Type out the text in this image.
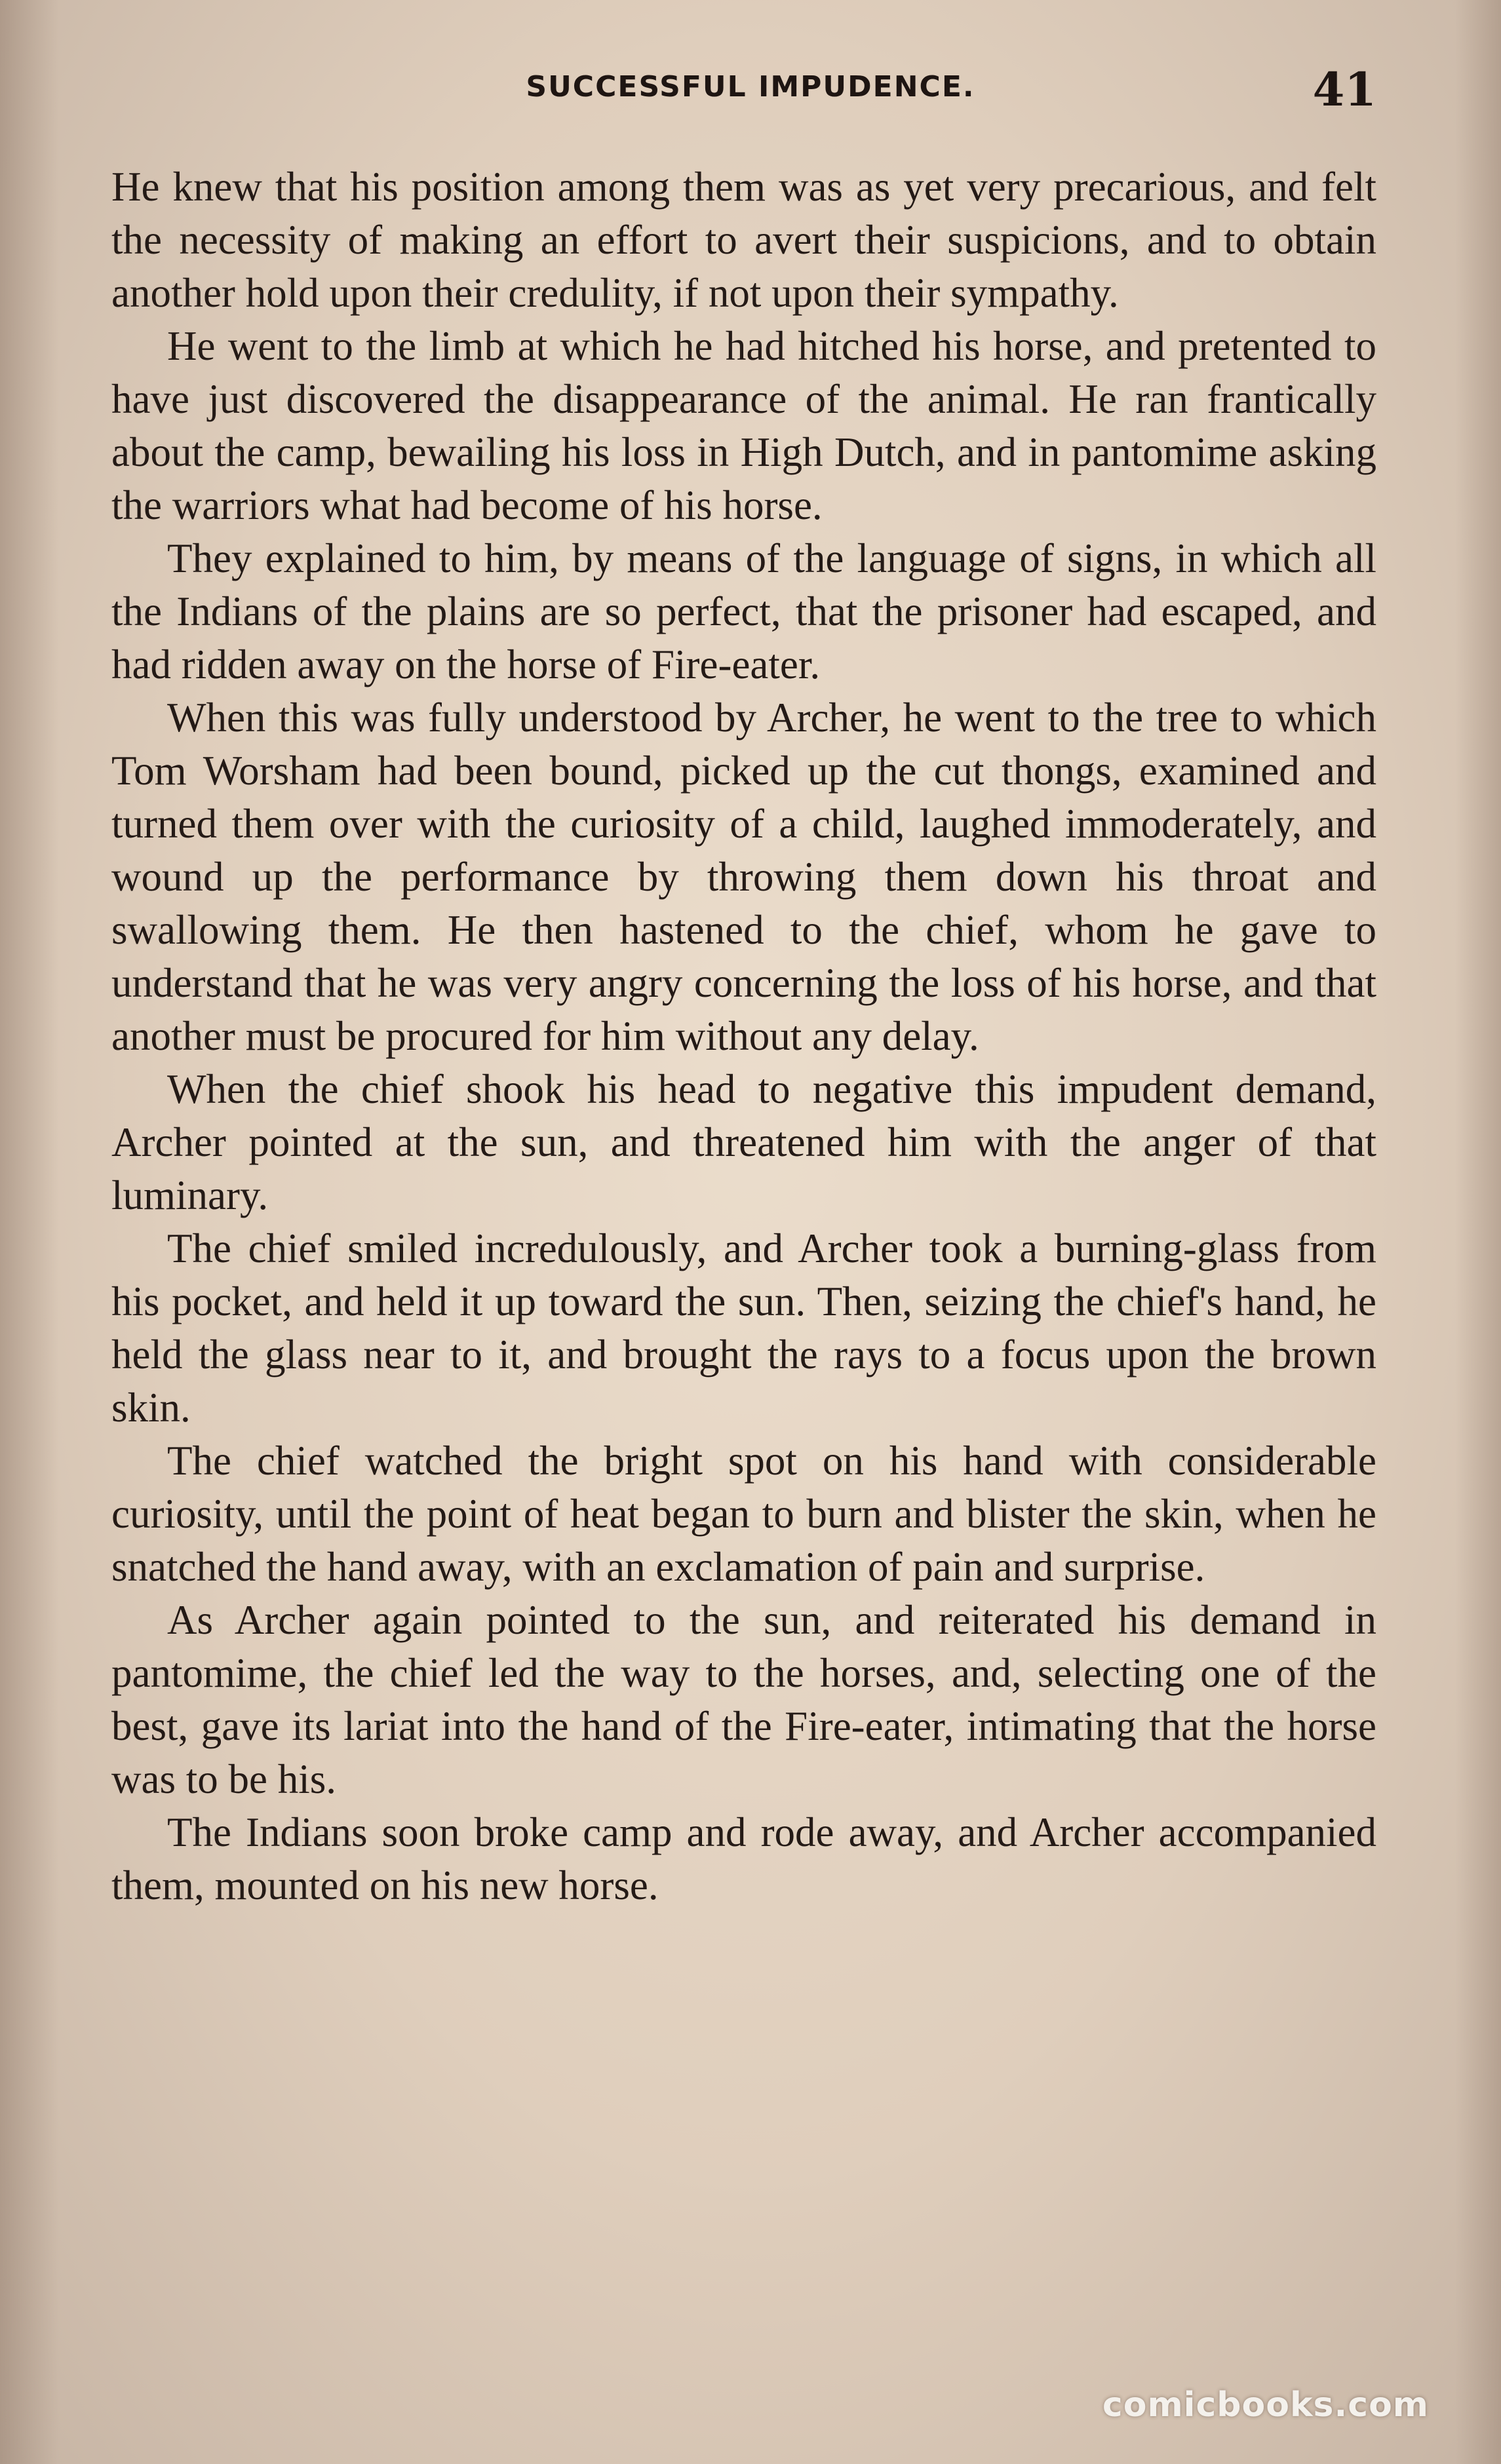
SUCCESSFUL IMPUDENCE.	41

He knew that his position among them was as yet very precarious, and felt the necessity of making an effort to avert their suspicions, and to obtain another hold upon their credulity, if not upon their sympathy.

He went to the limb at which he had hitched his horse, and pretented to have just discovered the disappearance of the animal. He ran frantically about the camp, bewailing his loss in High Dutch, and in pantomime asking the warriors what had become of his horse.

They explained to him, by means of the language of signs, in which all the Indians of the plains are so perfect, that the prisoner had escaped, and had ridden away on the horse of Fire-eater.

When this was fully understood by Archer, he went to the tree to which Tom Worsham had been bound, picked up the cut thongs, examined and turned them over with the curiosity of a child, laughed immoderately, and wound up the performance by throwing them down his throat and swallowing them. He then hastened to the chief, whom he gave to understand that he was very angry concerning the loss of his horse, and that another must be procured for him without any delay.

When the chief shook his head to negative this impudent demand, Archer pointed at the sun, and threatened him with the anger of that luminary.

The chief smiled incredulously, and Archer took a burning-glass from his pocket, and held it up toward the sun. Then, seizing the chief's hand, he held the glass near to it, and brought the rays to a focus upon the brown skin.

The chief watched the bright spot on his hand with considerable curiosity, until the point of heat began to burn and blister the skin, when he snatched the hand away, with an exclamation of pain and surprise.

As Archer again pointed to the sun, and reiterated his demand in pantomime, the chief led the way to the horses, and, selecting one of the best, gave its lariat into the hand of the Fire-eater, intimating that the horse was to be his.

The Indians soon broke camp and rode away, and Archer accompanied them, mounted on his new horse.

comicbooks.com
